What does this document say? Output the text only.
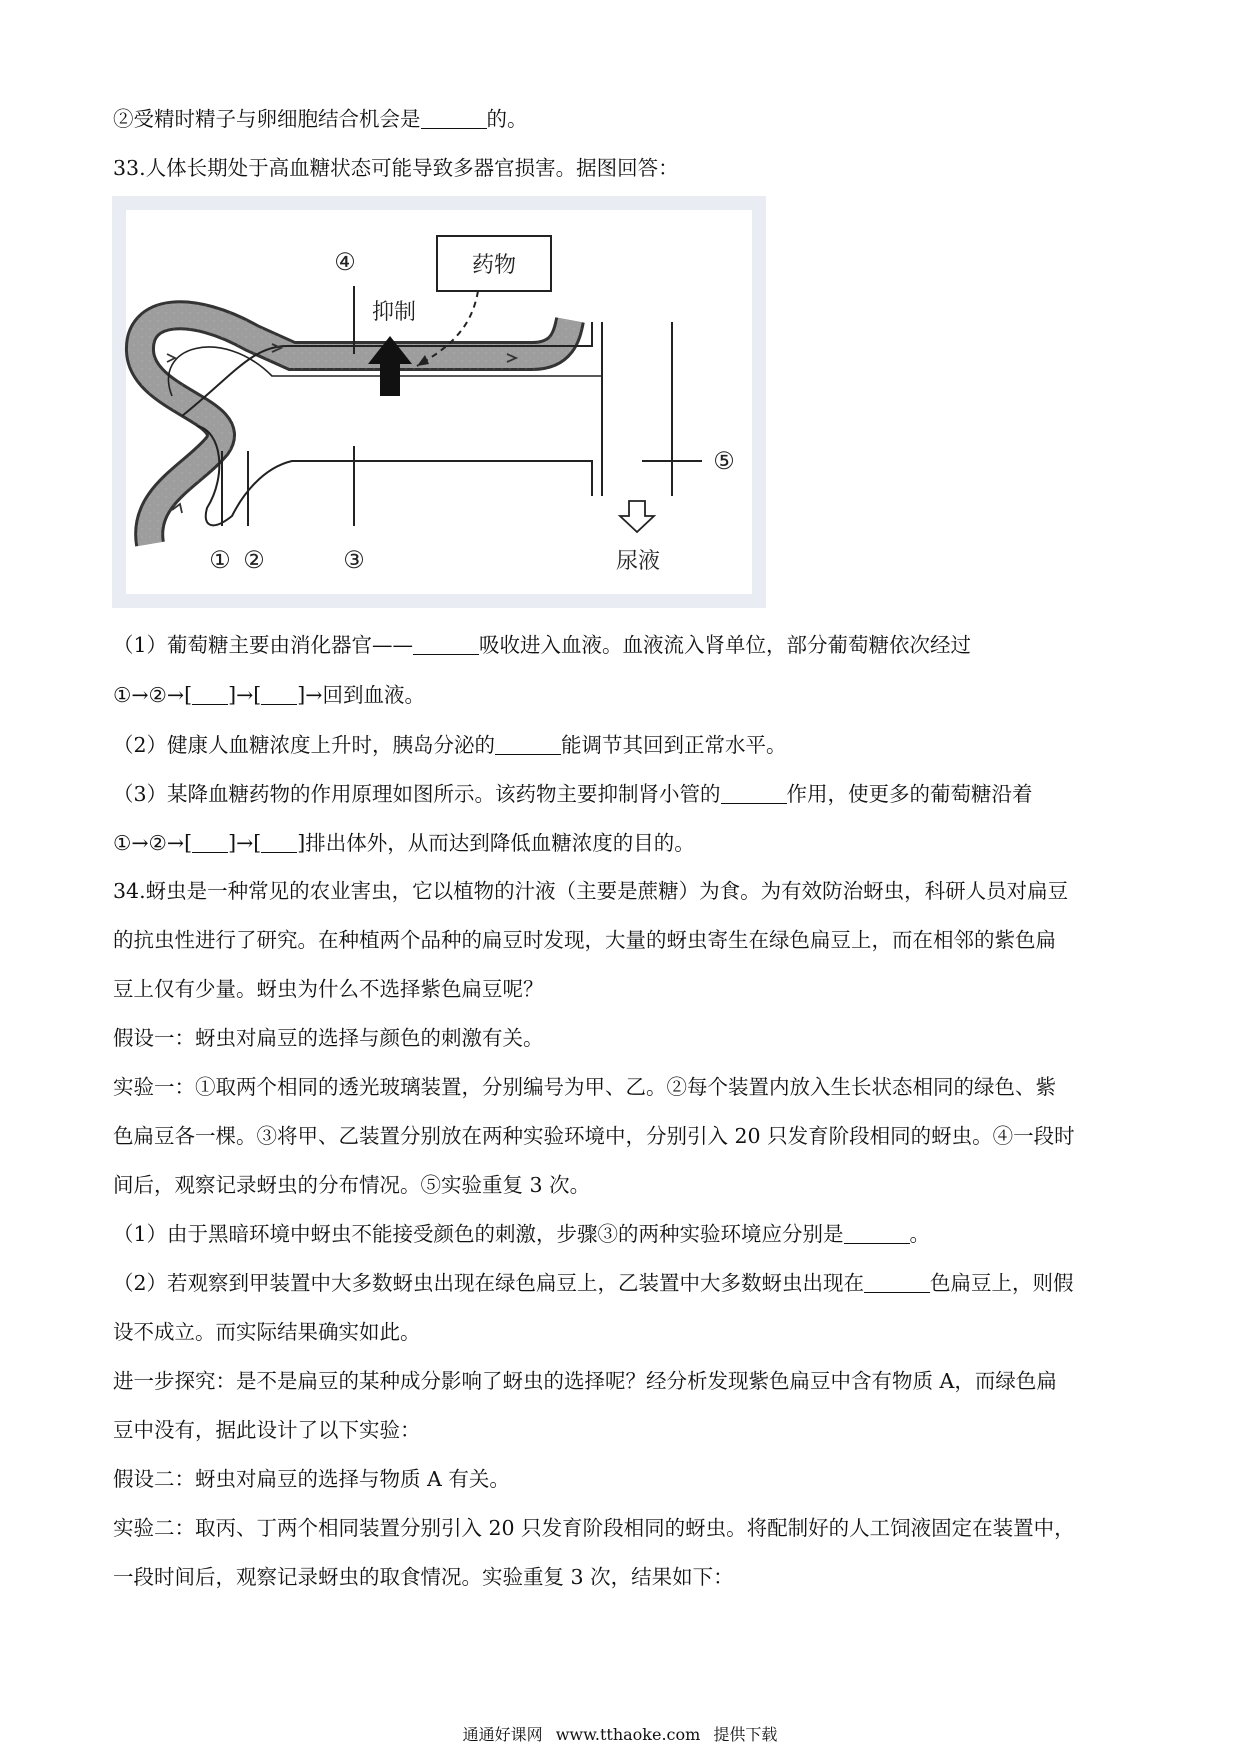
②受精时精子与卵细胞结合机会是	的。
33.人体长期处于高血糖状态可能导致多器官损害。据图回答：
药物
抑制
尿液
④
① ②	③
⑤
（1）葡萄糖主要由消化器官——	吸收进入血液。血液流入肾单位，部分葡萄糖依次经过
①→②→[ ]→[ ]→回到血液。
（2）健康人血糖浓度上升时，胰岛分泌的	能调节其回到正常水平。
（3）某降血糖药物的作用原理如图所示。该药物主要抑制肾小管的	作用，使更多的葡萄糖沿着
①→②→[ ]→[ ]排出体外，从而达到降低血糖浓度的目的。
34.蚜虫是一种常见的农业害虫，它以植物的汁液（主要是蔗糖）为食。为有效防治蚜虫，科研人员对扁豆
的抗虫性进行了研究。在种植两个品种的扁豆时发现，大量的蚜虫寄生在绿色扁豆上，而在相邻的紫色扁
豆上仅有少量。蚜虫为什么不选择紫色扁豆呢？
假设一：蚜虫对扁豆的选择与颜色的刺激有关。
实验一：①取两个相同的透光玻璃装置，分别编号为甲、乙。②每个装置内放入生长状态相同的绿色、紫
色扁豆各一棵。③将甲、乙装置分别放在两种实验环境中，分别引入 20 只发育阶段相同的蚜虫。④一段时
间后，观察记录蚜虫的分布情况。⑤实验重复 3 次。
（1）由于黑暗环境中蚜虫不能接受颜色的刺激，步骤③的两种实验环境应分别是	。
（2）若观察到甲装置中大多数蚜虫出现在绿色扁豆上，乙装置中大多数蚜虫出现在	色扁豆上，则假
设不成立。而实际结果确实如此。
进一步探究：是不是扁豆的某种成分影响了蚜虫的选择呢？经分析发现紫色扁豆中含有物质 A，而绿色扁
豆中没有，据此设计了以下实验：
假设二：蚜虫对扁豆的选择与物质 A 有关。
实验二：取丙、丁两个相同装置分别引入 20 只发育阶段相同的蚜虫。将配制好的人工饲液固定在装置中，
一段时间后，观察记录蚜虫的取食情况。实验重复 3 次，结果如下：
通通好课网 www.tthaoke.com 提供下载
